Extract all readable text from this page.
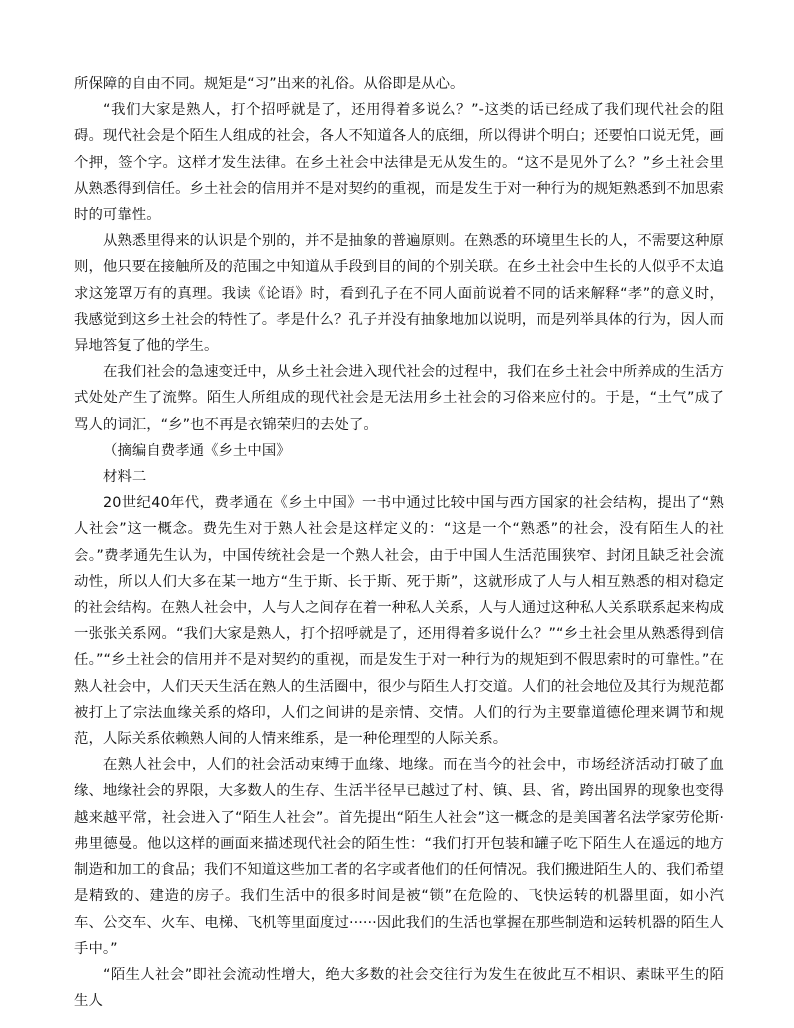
所保障的自由不同。规矩是“习”出来的礼俗。从俗即是从心。

“我们大家是熟人，打个招呼就是了，还用得着多说么？”-这类的话已经成了我们现代社会的阻碍。现代社会是个陌生人组成的社会，各人不知道各人的底细，所以得讲个明白；还要怕口说无凭，画个押，签个字。这样才发生法律。在乡土社会中法律是无从发生的。“这不是见外了么？”乡土社会里从熟悉得到信任。乡土社会的信用并不是对契约的重视，而是发生于对一种行为的规矩熟悉到不加思索时的可靠性。

从熟悉里得来的认识是个别的，并不是抽象的普遍原则。在熟悉的环境里生长的人，不需要这种原则，他只要在接触所及的范围之中知道从手段到目的间的个别关联。在乡土社会中生长的人似乎不太追求这笼罩万有的真理。我读《论语》时，看到孔子在不同人面前说着不同的话来解释“孝”的意义时，我感觉到这乡土社会的特性了。孝是什么？孔子并没有抽象地加以说明，而是列举具体的行为，因人而异地答复了他的学生。

在我们社会的急速变迁中，从乡土社会进入现代社会的过程中，我们在乡土社会中所养成的生活方式处处产生了流弊。陌生人所组成的现代社会是无法用乡土社会的习俗来应付的。于是，“土气”成了骂人的词汇，“乡”也不再是衣锦荣归的去处了。

（摘编自费孝通《乡土中国》

材料二

20世纪40年代，费孝通在《乡土中国》一书中通过比较中国与西方国家的社会结构，提出了“熟人社会”这一概念。费先生对于熟人社会是这样定义的：“这是一个“熟悉”的社会，没有陌生人的社会。”费孝通先生认为，中国传统社会是一个熟人社会，由于中国人生活范围狭窄、封闭且缺乏社会流动性，所以人们大多在某一地方“生于斯、长于斯、死于斯”，这就形成了人与人相互熟悉的相对稳定的社会结构。在熟人社会中，人与人之间存在着一种私人关系，人与人通过这种私人关系联系起来构成一张张关系网。“我们大家是熟人，打个招呼就是了，还用得着多说什么？”“乡土社会里从熟悉得到信任。”“乡土社会的信用并不是对契约的重视，而是发生于对一种行为的规矩到不假思索时的可靠性。”在熟人社会中，人们天天生活在熟人的生活圈中，很少与陌生人打交道。人们的社会地位及其行为规范都被打上了宗法血缘关系的烙印，人们之间讲的是亲情、交情。人们的行为主要靠道德伦理来调节和规范，人际关系依赖熟人间的人情来维系，是一种伦理型的人际关系。

在熟人社会中，人们的社会活动束缚于血缘、地缘。而在当今的社会中，市场经济活动打破了血缘、地缘社会的界限，大多数人的生存、生活半径早已越过了村、镇、县、省，跨出国界的现象也变得越来越平常，社会进入了“陌生人社会”。首先提出“陌生人社会”这一概念的是美国著名法学家劳伦斯·弗里德曼。他以这样的画面来描述现代社会的陌生性：“我们打开包装和罐子吃下陌生人在遥远的地方制造和加工的食品；我们不知道这些加工者的名字或者他们的任何情况。我们搬进陌生人的、我们希望是精致的、建造的房子。我们生活中的很多时间是被“锁”在危险的、飞快运转的机器里面，如小汽车、公交车、火车、电梯、飞机等里面度过······因此我们的生活也掌握在那些制造和运转机器的陌生人手中。”

“陌生人社会”即社会流动性增大，绝大多数的社会交往行为发生在彼此互不相识、素昧平生的陌生人
